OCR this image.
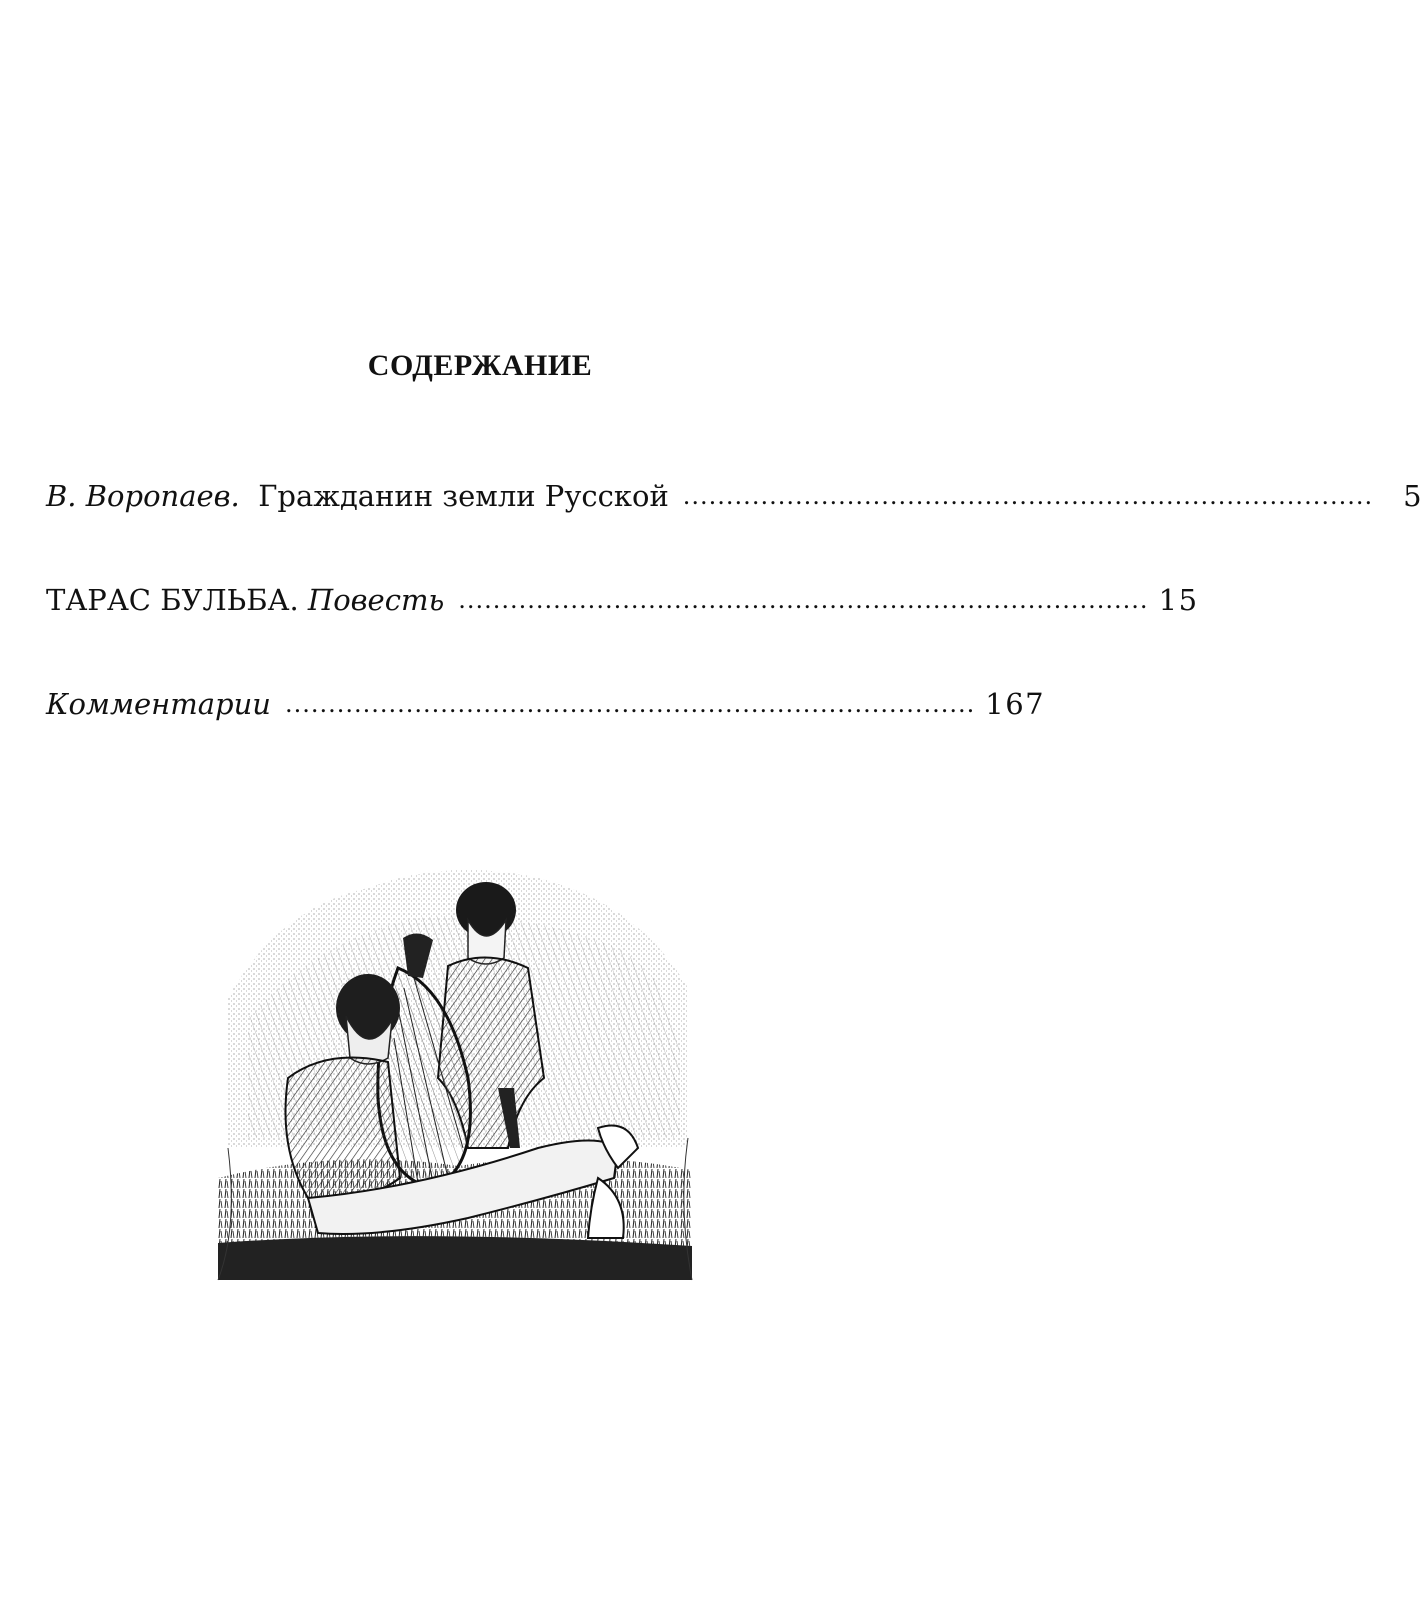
СОДЕРЖАНИЕ
В. Воропаев.
Гражданин земли Русской ................................................................................	5
ТАРАС БУЛЬБА.
Повесть ................................................................................ 15
Комментарии ................................................................................ 167
